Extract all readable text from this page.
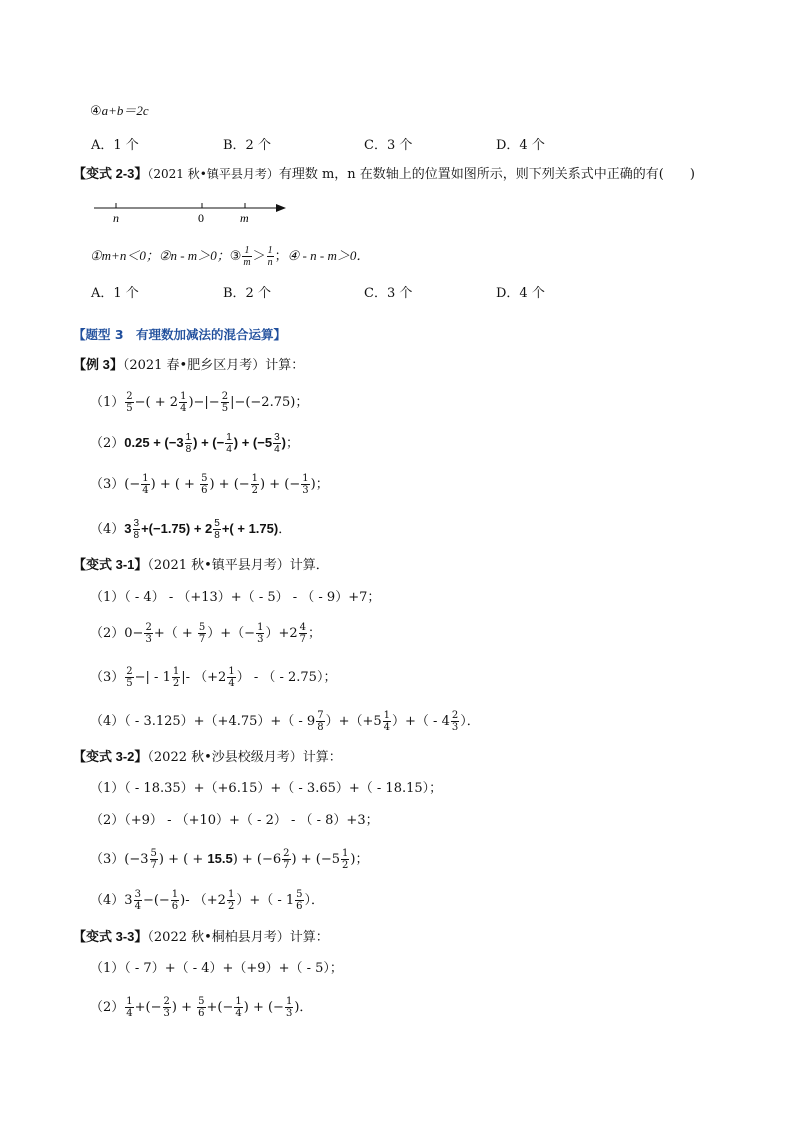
④a+b＝2c
A．1 个	B．2 个	C．3 个	D．4 个
【变式 2-3】（2021 秋•镇平县月考）有理数 m，n 在数轴上的位置如图所示，则下列关系式中正确的有(　　)
n	0	m
①m+n＜0；②n - m＞0；③ $\frac{1}{m} > \frac{1}{n}$ ；④ - n - m＞0．
A．1 个	B．2 个	C．3 个	D．4 个
【题型 3　有理数加减法的混合运算】
【例 3】（2021 春•肥乡区月考）计算：
$(1) \frac{2}{5}$ −( + $2 \frac{1}{4}$ )−|− $\frac{2}{5} |-(-2.75)$；
$(2)0.25 + (-3 \frac{1}{8}$ ) + (− $\frac{1}{4}$ ) + ($-5 \frac{3}{4}$ )；
$(3)(- \frac{1}{4}$ ) + ( + $\frac{5}{6}$ ) + (− $\frac{1}{2}$ ) + (− $\frac{1}{3}$ )；
$(4)3 \frac{3}{8} +(-1.75) + 2 \frac{5}{8}$ +( + 1.75)．
【变式 3-1】（2021 秋•镇平县月考）计算．
（1）（ - 4） - （+13）+（ - 5） - （ - 9）+7；
$(2)0- \frac{2}{3}$ +（ + $\frac{5}{7}$ ）+（− $\frac{1}{3} )+2 \frac{4}{7}$ ；
$(3) \frac{2}{5}$ −| - $1 \frac{1}{2}$ |- （$+2 \frac{1}{4}$ ） - （ - 2.75）；
$(4)( - 3.125)+(+4.75)+( - 9 \frac{7}{8} )+(+5 \frac{1}{4}$ ）+（ - $4 \frac{2}{3}$ ）．
【变式 3-2】（2022 秋•沙县校级月考）计算：
（1）（ - 18.35）+（+6.15）+（ - 3.65）+（ - 18.15）；
（2）（+9） - （+10）+（ - 2） - （ - 8）+3；
$(3)(-3 \frac{5}{7}$ ) + ( + $15.5) + (-6 \frac{2}{7}$ ) + ($-5 \frac{1}{2}$ )；
$(4)3 \frac{3}{4}$ −(− $\frac{1}{6}$ )- （$+2 \frac{1}{2}$ ）+（ - $1 \frac{5}{6}$ ）．
【变式 3-3】（2022 秋•桐柏县月考）计算：
（1）（ - 7）+（ - 4）+（+9）+（ - 5）；
$(2) \frac{1}{4}$ +(− $\frac{2}{3}$ ) + $\frac{5}{6}$ +(− $\frac{1}{4}$ ) + (− $\frac{1}{3}$ )．
